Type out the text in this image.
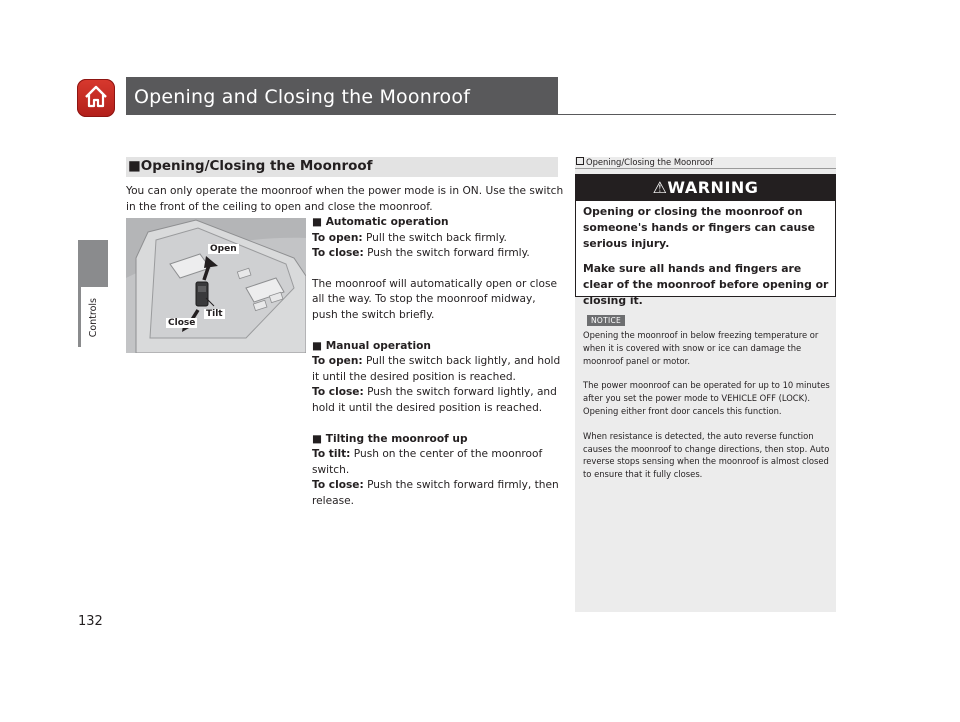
Opening and Closing the Moonroof
Controls
132
■Opening/Closing the Moonroof
You can only operate the moonroof when the power mode is in ON. Use the switch in the front of the ceiling to open and close the moonroof.
Open
Tilt
Close

■ Automatic operation

To open: Pull the switch back firmly.

To close: Push the switch forward firmly.

The moonroof will automatically open or close all the way. To stop the moonroof midway, push the switch briefly.

■ Manual operation

To open: Pull the switch back lightly, and hold it until the desired position is reached.

To close: Push the switch forward lightly, and hold it until the desired position is reached.

■ Tilting the moonroof up

To tilt: Push on the center of the moonroof switch.

To close: Push the switch forward firmly, then release.

Opening/Closing the Moonroof
⚠WARNING

Opening or closing the moonroof on someone's hands or fingers can cause serious injury.

Make sure all hands and fingers are clear of the moonroof before opening or closing it.

NOTICE

Opening the moonroof in below freezing temperature or when it is covered with snow or ice can damage the moonroof panel or motor.

The power moonroof can be operated for up to 10 minutes after you set the power mode to VEHICLE OFF (LOCK).

Opening either front door cancels this function.

When resistance is detected, the auto reverse function causes the moonroof to change directions, then stop. Auto reverse stops sensing when the moonroof is almost closed to ensure that it fully closes.
